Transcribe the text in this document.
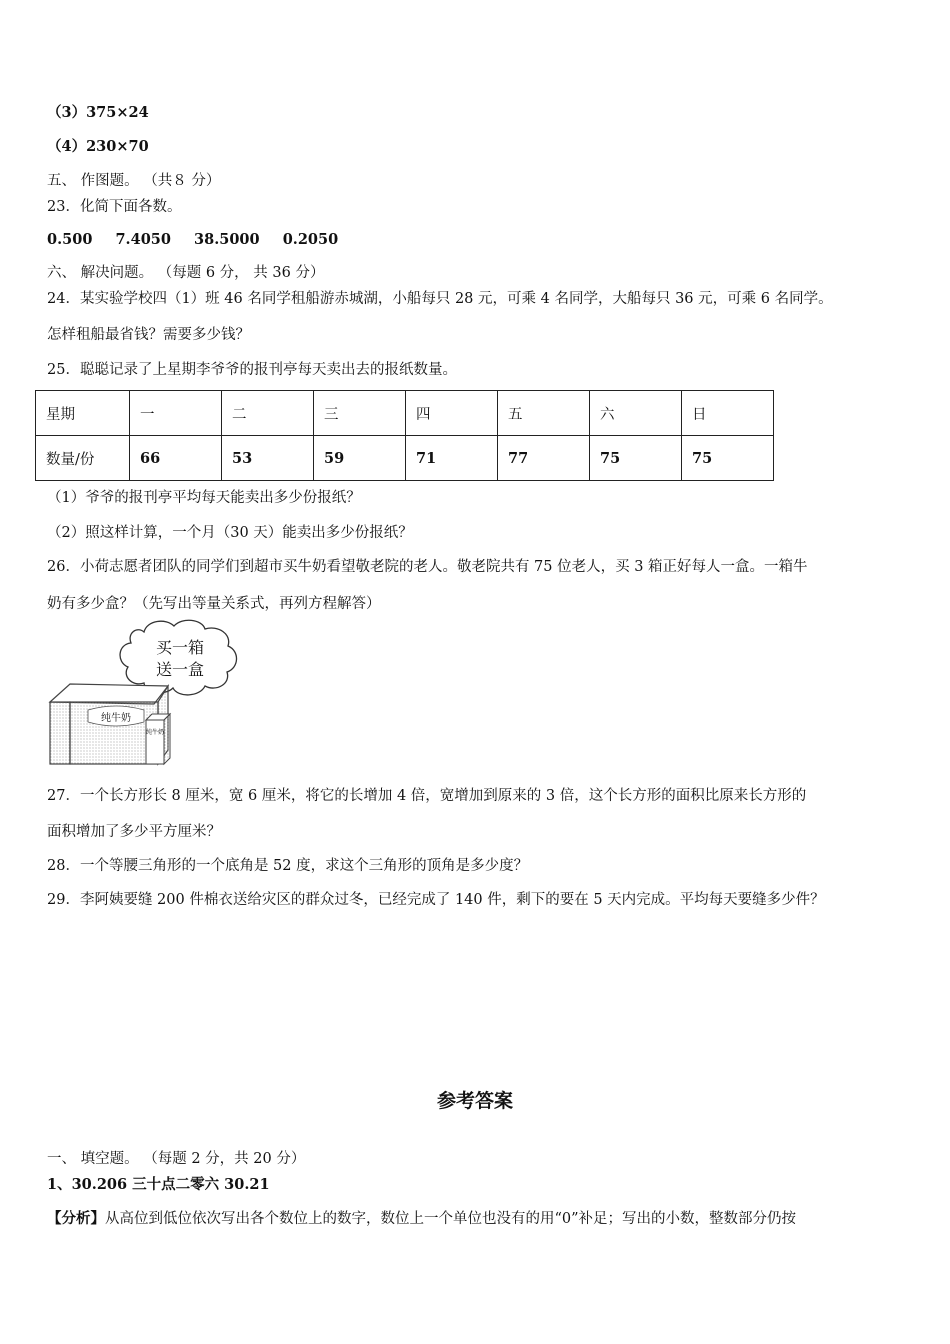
（3）375×24
（4）230×70
五、 作图题。 （共８ 分）
23．化简下面各数。
0.500 7.4050 38.5000 0.2050
六、 解决问题。 （每题 6 分， 共 36 分）
24．某实验学校四（1）班 46 名同学租船游赤城湖，小船每只 28 元，可乘 4 名同学，大船每只 36 元，可乘 6 名同学。
怎样租船最省钱？需要多少钱？
25．聪聪记录了上星期李爷爷的报刊亭每天卖出去的报纸数量。
星期	一	二	三	四	五	六	日
数量/份	66	53	59	71	77	75	75
（1）爷爷的报刊亭平均每天能卖出多少份报纸？
（2）照这样计算，一个月（30 天）能卖出多少份报纸？
26．小荷志愿者团队的同学们到超市买牛奶看望敬老院的老人。敬老院共有 75 位老人，买 3 箱正好每人一盒。一箱牛
奶有多少盒？（先写出等量关系式，再列方程解答）
买一箱
送一盒
纯牛奶
纯牛奶
27．一个长方形长 8 厘米，宽 6 厘米，将它的长增加 4 倍，宽增加到原来的 3 倍，这个长方形的面积比原来长方形的
面积增加了多少平方厘米？
28．一个等腰三角形的一个底角是 52 度，求这个三角形的顶角是多少度？
29．李阿姨要缝 200 件棉衣送给灾区的群众过冬，已经完成了 140 件，剩下的要在 5 天内完成。平均每天要缝多少件？
参考答案
一、 填空题。 （每题 2 分，共 20 分）
1、30.206 三十点二零六 30.21
【分析】从高位到低位依次写出各个数位上的数字，数位上一个单位也没有的用“0”补足；写出的小数，整数部分仍按
